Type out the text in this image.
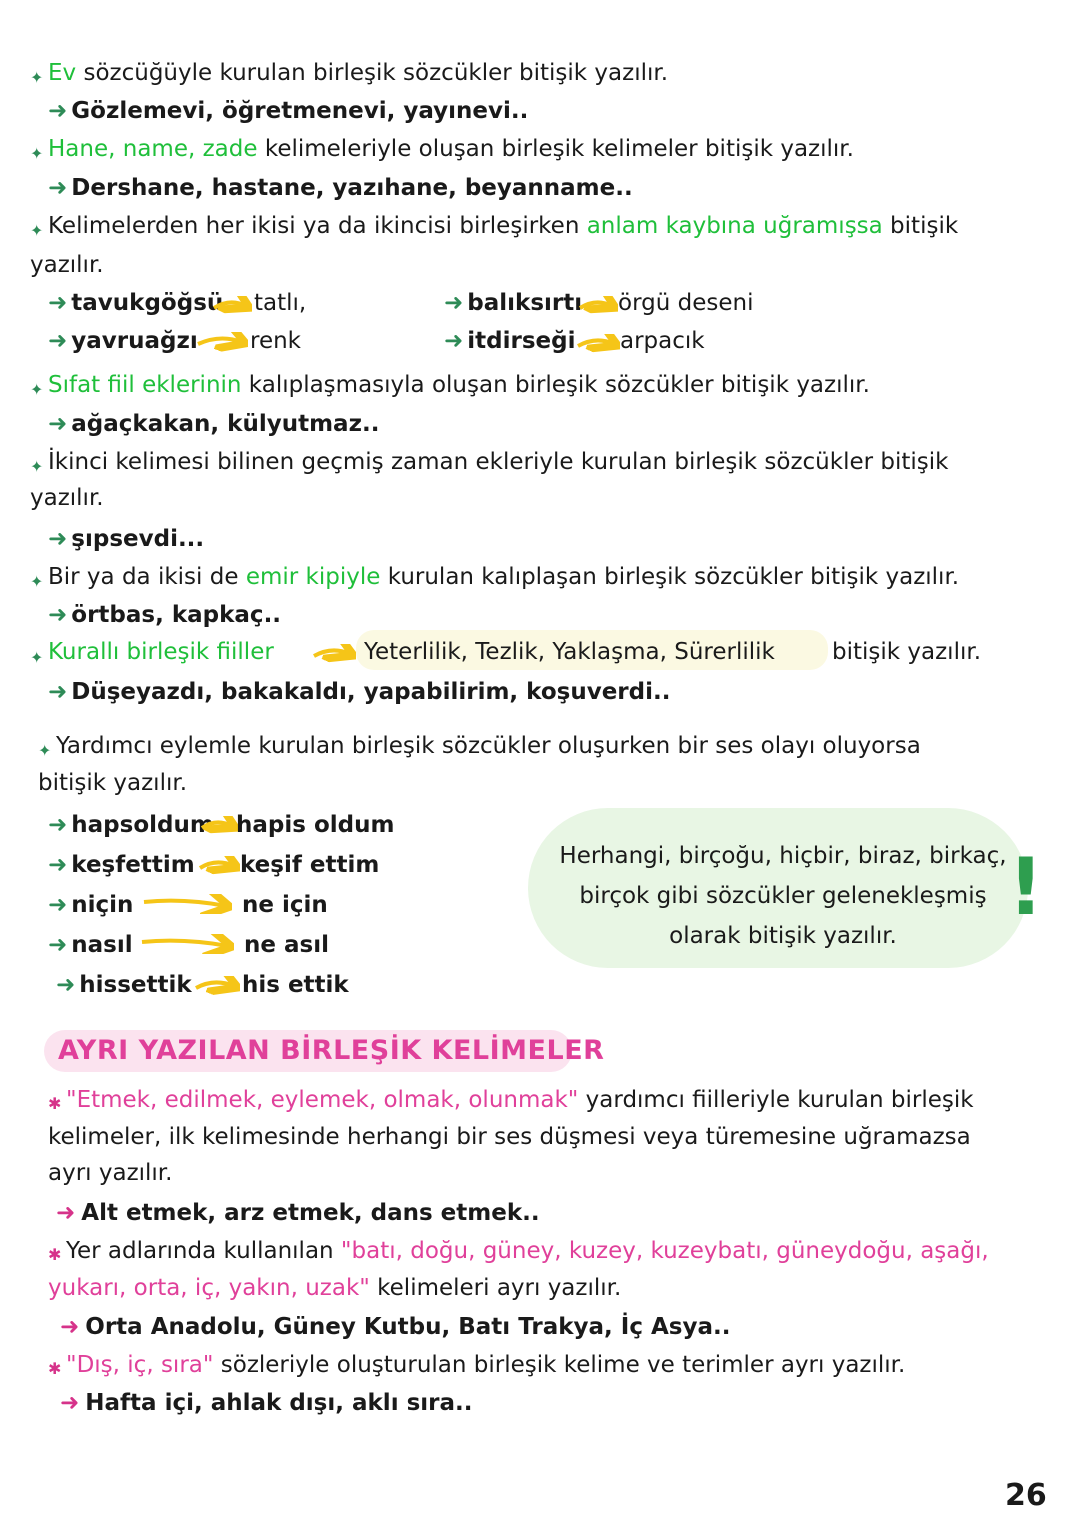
✦ Ev sözcüğüyle kurulan birleşik sözcükler bitişik yazılır.
➜ Gözlemevi, öğretmenevi, yayınevi..
✦ Hane, name, zade kelimeleriyle oluşan birleşik kelimeler bitişik yazılır.
➜ Dershane, hastane, yazıhane, beyanname..
✦ Kelimelerden her ikisi ya da ikincisi birleşirken anlam kaybına uğramışsa bitişik
yazılır.
➜ tavukgöğsü tatlı,
➜ yavruağzı renk
➜ balıksırtı örgü deseni
➜ itdirseği arpacık
✦ Sıfat fiil eklerinin kalıplaşmasıyla oluşan birleşik sözcükler bitişik yazılır.
➜ ağaçkakan, külyutmaz..
✦ İkinci kelimesi bilinen geçmiş zaman ekleriyle kurulan birleşik sözcükler bitişik
yazılır.
➜ şıpsevdi...
✦ Bir ya da ikisi de emir kipiyle kurulan kalıplaşan birleşik sözcükler bitişik yazılır.
➜ örtbas, kapkaç..
✦ Kurallı birleşik fiiller	Yeterlilik, Tezlik, Yaklaşma, Sürerlilik bitişik yazılır.
➜ Düşeyazdı, bakakaldı, yapabilirim, koşuverdi..
✦ Yardımcı eylemle kurulan birleşik sözcükler oluşurken bir ses olayı oluyorsa
bitişik yazılır.
➜ hapsoldum hapis oldum
➜ keşfettim keşif ettim
➜ niçin	ne için
➜ nasıl	ne asıl
➜ hissettik his ettik
Herhangi, birçoğu, hiçbir, biraz, birkaç, birçok gibi sözcükler gelenekleşmiş olarak bitişik yazılır.
!
AYRI YAZILAN BİRLEŞİK KELİMELER
✱ "Etmek, edilmek, eylemek, olmak, olunmak" yardımcı fiilleriyle kurulan birleşik
kelimeler, ilk kelimesinde herhangi bir ses düşmesi veya türemesine uğramazsa
ayrı yazılır.
➜ Alt etmek, arz etmek, dans etmek..
✱ Yer adlarında kullanılan "batı, doğu, güney, kuzey, kuzeybatı, güneydoğu, aşağı,
yukarı, orta, iç, yakın, uzak" kelimeleri ayrı yazılır.
➜ Orta Anadolu, Güney Kutbu, Batı Trakya, İç Asya..
✱ "Dış, iç, sıra" sözleriyle oluşturulan birleşik kelime ve terimler ayrı yazılır.
➜ Hafta içi, ahlak dışı, aklı sıra..
26
